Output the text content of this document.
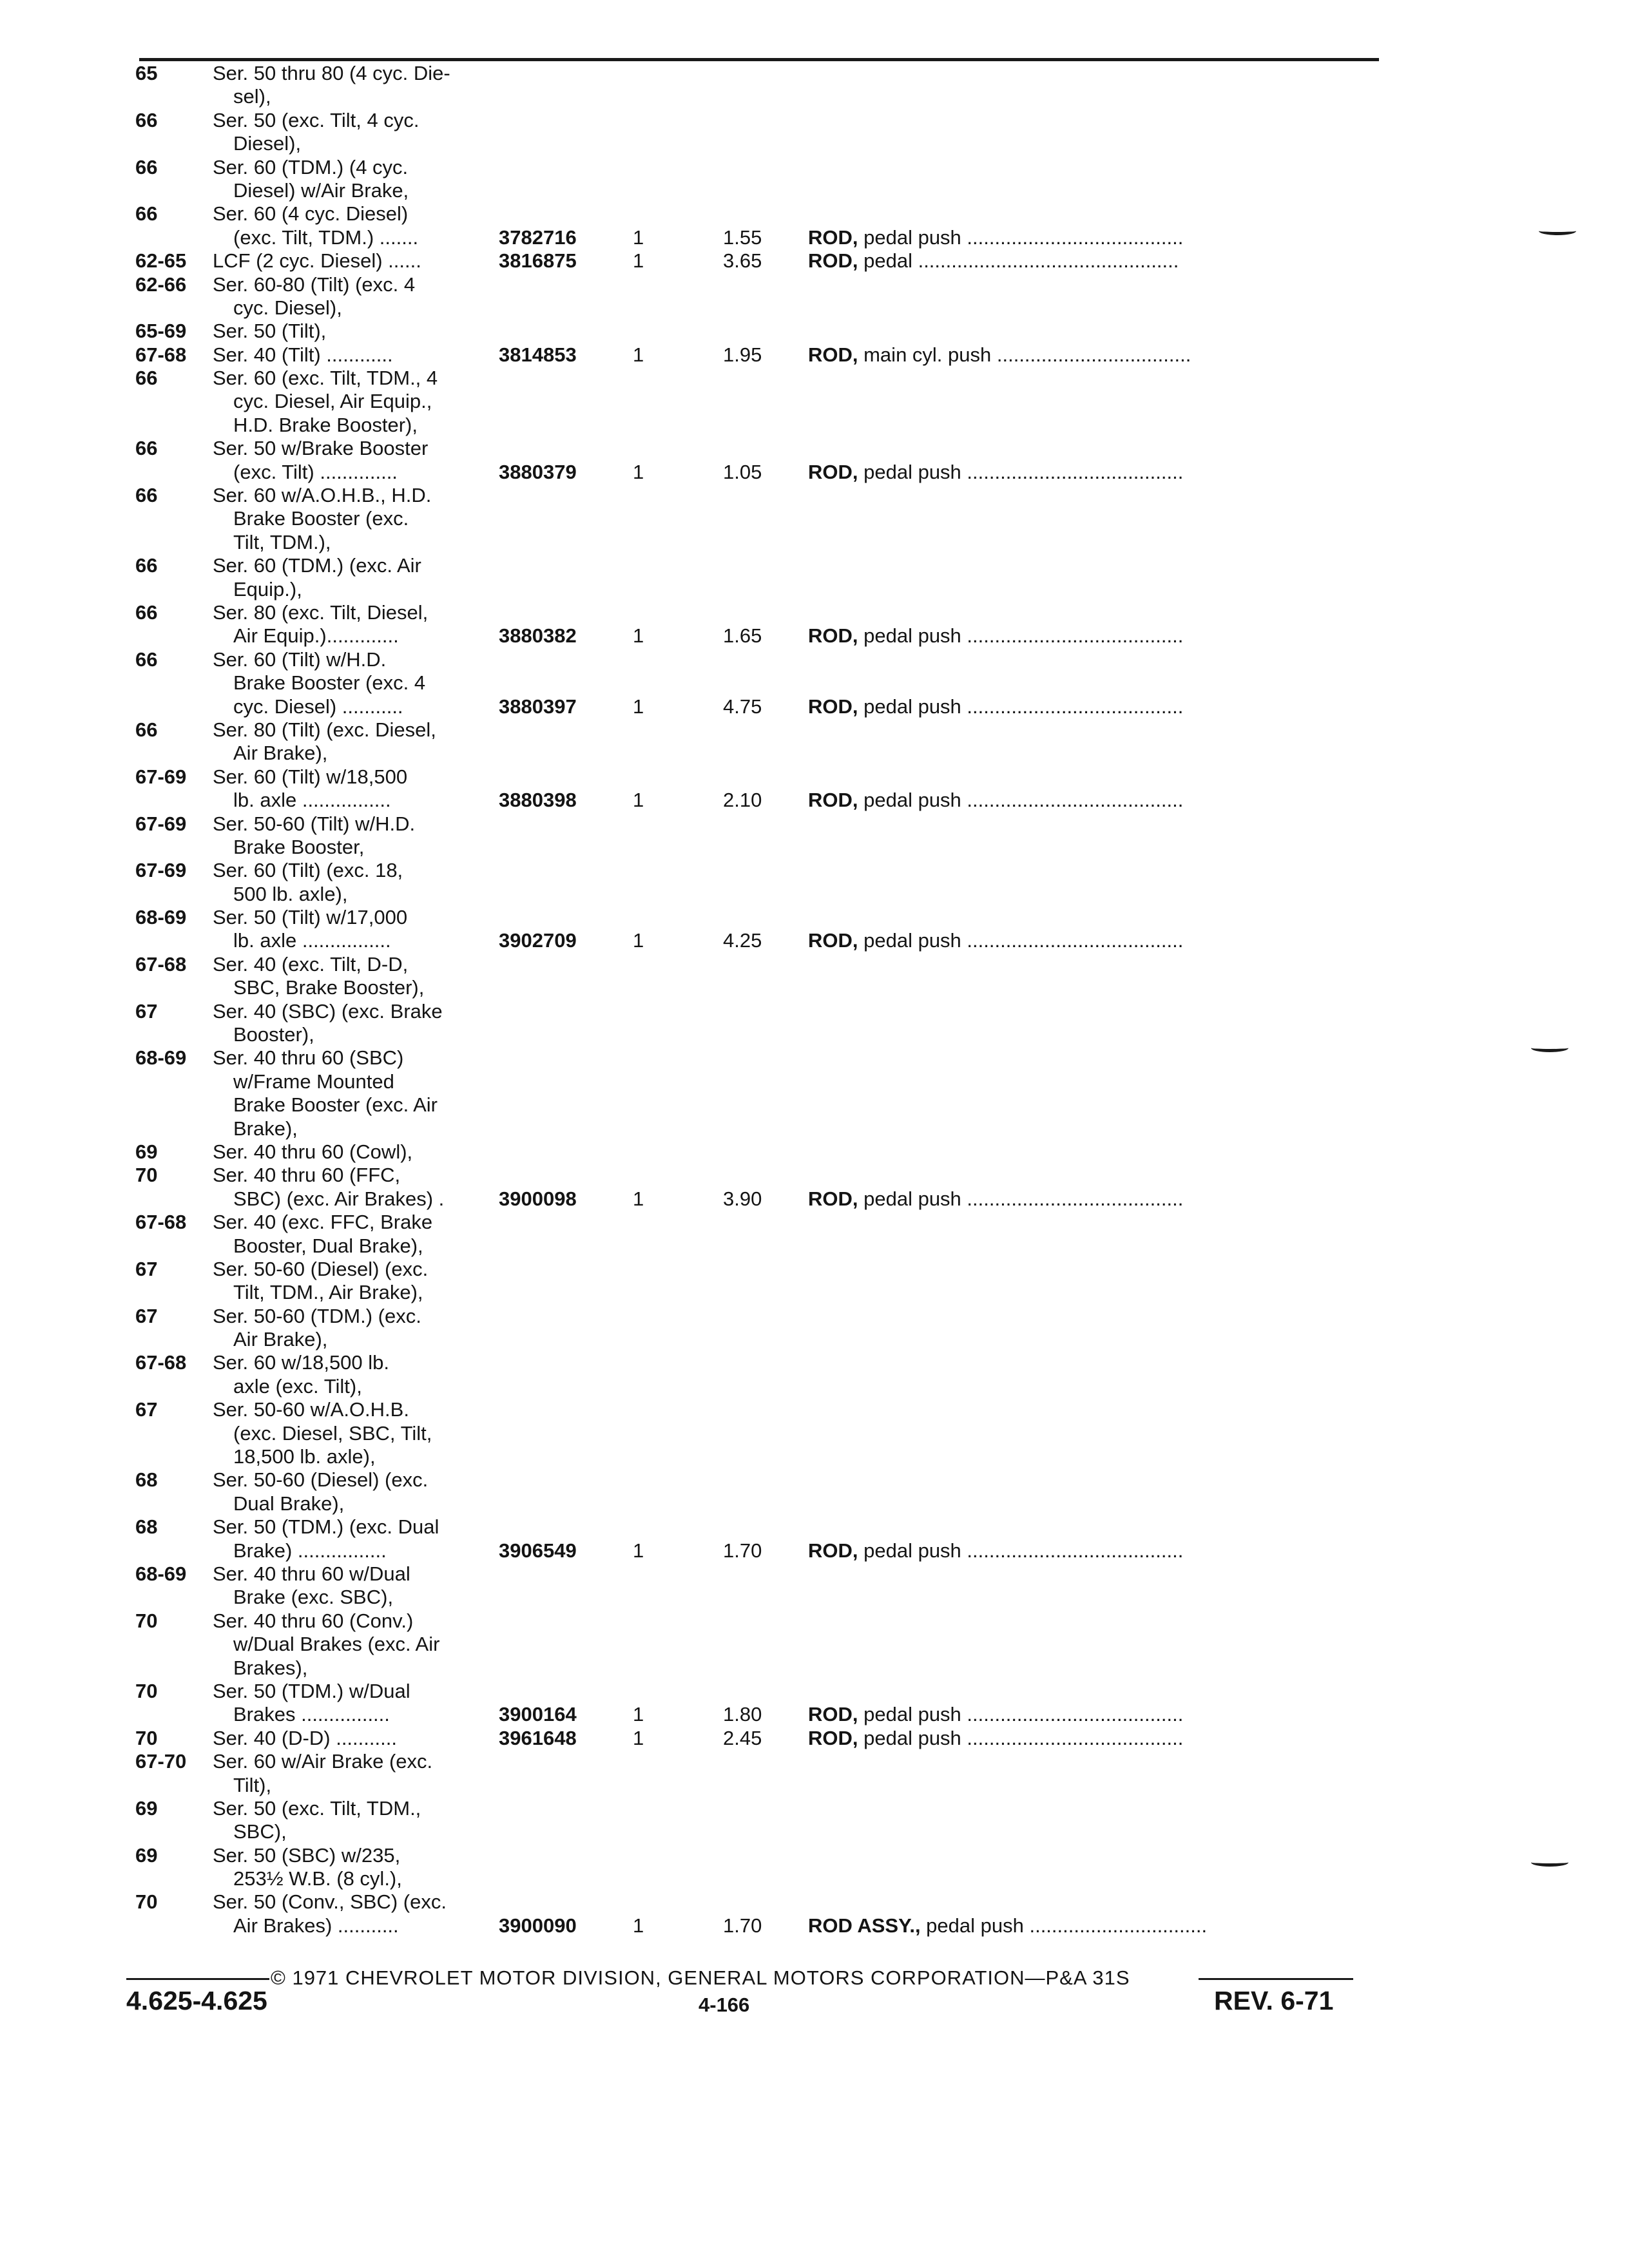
65	Ser. 50 thru 80 (4 cyc. Die-
sel),
66	Ser. 50 (exc. Tilt, 4 cyc.
Diesel),
66	Ser. 60 (TDM.) (4 cyc.
Diesel) w/Air Brake,
66	Ser. 60 (4 cyc. Diesel)
(exc. Tilt, TDM.) .......	3782716	1	1.55 ROD, pedal push .......................................
62-65 LCF (2 cyc. Diesel) ......	3816875	1	3.65 ROD, pedal ...............................................
62-66 Ser. 60-80 (Tilt) (exc. 4
cyc. Diesel),
65-69 Ser. 50 (Tilt),
67-68 Ser. 40 (Tilt) ............	3814853	1	1.95 ROD, main cyl. push ...................................
66	Ser. 60 (exc. Tilt, TDM., 4
cyc. Diesel, Air Equip.,
H.D. Brake Booster),
66	Ser. 50 w/Brake Booster
(exc. Tilt) ..............	3880379	1	1.05 ROD, pedal push .......................................
66	Ser. 60 w/A.O.H.B., H.D.
Brake Booster (exc.
Tilt, TDM.),
66	Ser. 60 (TDM.) (exc. Air
Equip.),
66	Ser. 80 (exc. Tilt, Diesel,
Air Equip.).............	3880382	1	1.65 ROD, pedal push .......................................
66	Ser. 60 (Tilt) w/H.D.
Brake Booster (exc. 4
cyc. Diesel) ...........	3880397	1	4.75 ROD, pedal push .......................................
66	Ser. 80 (Tilt) (exc. Diesel,
Air Brake),
67-69 Ser. 60 (Tilt) w/18,500
lb. axle ................	3880398	1	2.10 ROD, pedal push .......................................
67-69 Ser. 50-60 (Tilt) w/H.D.
Brake Booster,
67-69 Ser. 60 (Tilt) (exc. 18,
500 lb. axle),
68-69 Ser. 50 (Tilt) w/17,000
lb. axle ................	3902709	1	4.25 ROD, pedal push .......................................
67-68 Ser. 40 (exc. Tilt, D-D,
SBC, Brake Booster),
67	Ser. 40 (SBC) (exc. Brake
Booster),
68-69 Ser. 40 thru 60 (SBC)
w/Frame Mounted
Brake Booster (exc. Air
Brake),
69	Ser. 40 thru 60 (Cowl),
70	Ser. 40 thru 60 (FFC,
SBC) (exc. Air Brakes) .	3900098	1	3.90 ROD, pedal push .......................................
67-68 Ser. 40 (exc. FFC, Brake
Booster, Dual Brake),
67	Ser. 50-60 (Diesel) (exc.
Tilt, TDM., Air Brake),
67	Ser. 50-60 (TDM.) (exc.
Air Brake),
67-68 Ser. 60 w/18,500 lb.
axle (exc. Tilt),
67	Ser. 50-60 w/A.O.H.B.
(exc. Diesel, SBC, Tilt,
18,500 lb. axle),
68	Ser. 50-60 (Diesel) (exc.
Dual Brake),
68	Ser. 50 (TDM.) (exc. Dual
Brake) ................	3906549	1	1.70 ROD, pedal push .......................................
68-69 Ser. 40 thru 60 w/Dual
Brake (exc. SBC),
70	Ser. 40 thru 60 (Conv.)
w/Dual Brakes (exc. Air
Brakes),
70	Ser. 50 (TDM.) w/Dual
Brakes ................	3900164	1	1.80 ROD, pedal push .......................................
70	Ser. 40 (D-D) ...........	3961648	1	2.45 ROD, pedal push .......................................
67-70 Ser. 60 w/Air Brake (exc.
Tilt),
69	Ser. 50 (exc. Tilt, TDM.,
SBC),
69	Ser. 50 (SBC) w/235,
253½ W.B. (8 cyl.),
70	Ser. 50 (Conv., SBC) (exc.
Air Brakes) ...........	3900090	1	1.70 ROD ASSY., pedal push ................................
© 1971 CHEVROLET MOTOR DIVISION, GENERAL MOTORS CORPORATION—P&A 31S
4.625-4.625	4-166	REV. 6-71
